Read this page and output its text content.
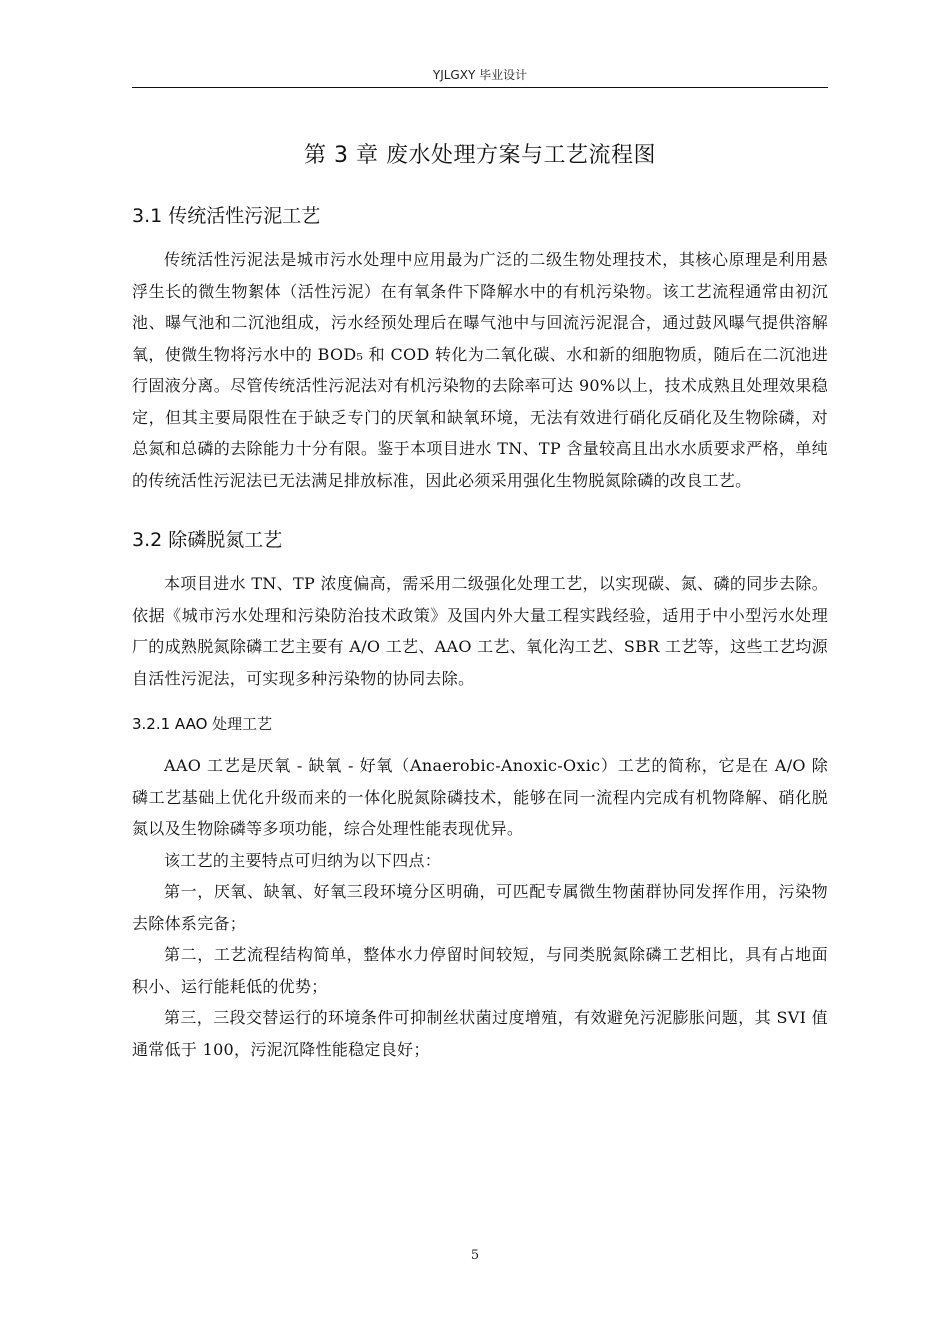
YJLGXY 毕业设计
第 3 章 废水处理方案与工艺流程图
3.1 传统活性污泥工艺

传统活性污泥法是城市污水处理中应用最为广泛的二级生物处理技术，其核心原理是利用悬浮生长的微生物絮体（活性污泥）在有氧条件下降解水中的有机污染物。该工艺流程通常由初沉池、曝气池和二沉池组成，污水经预处理后在曝气池中与回流污泥混合，通过鼓风曝气提供溶解氧，使微生物将污水中的 BOD₅ 和 COD 转化为二氧化碳、水和新的细胞物质，随后在二沉池进行固液分离。尽管传统活性污泥法对有机污染物的去除率可达 90%以上，技术成熟且处理效果稳定，但其主要局限性在于缺乏专门的厌氧和缺氧环境，无法有效进行硝化反硝化及生物除磷，对总氮和总磷的去除能力十分有限。鉴于本项目进水 TN、TP 含量较高且出水水质要求严格，单纯的传统活性污泥法已无法满足排放标准，因此必须采用强化生物脱氮除磷的改良工艺。

3.2 除磷脱氮工艺

本项目进水 TN、TP 浓度偏高，需采用二级强化处理工艺，以实现碳、氮、磷的同步去除。依据《城市污水处理和污染防治技术政策》及国内外大量工程实践经验，适用于中小型污水处理厂的成熟脱氮除磷工艺主要有 A/O 工艺、AAO 工艺、氧化沟工艺、SBR 工艺等，这些工艺均源自活性污泥法，可实现多种污染物的协同去除。

3.2.1 AAO 处理工艺

AAO 工艺是厌氧 - 缺氧 - 好氧（Anaerobic-Anoxic-Oxic）工艺的简称，它是在 A/O 除磷工艺基础上优化升级而来的一体化脱氮除磷技术，能够在同一流程内完成有机物降解、硝化脱氮以及生物除磷等多项功能，综合处理性能表现优异。

该工艺的主要特点可归纳为以下四点：

第一，厌氧、缺氧、好氧三段环境分区明确，可匹配专属微生物菌群协同发挥作用，污染物去除体系完备；

第二，工艺流程结构简单，整体水力停留时间较短，与同类脱氮除磷工艺相比，具有占地面积小、运行能耗低的优势；

第三，三段交替运行的环境条件可抑制丝状菌过度增殖，有效避免污泥膨胀问题，其 SVI 值通常低于 100，污泥沉降性能稳定良好；

5
